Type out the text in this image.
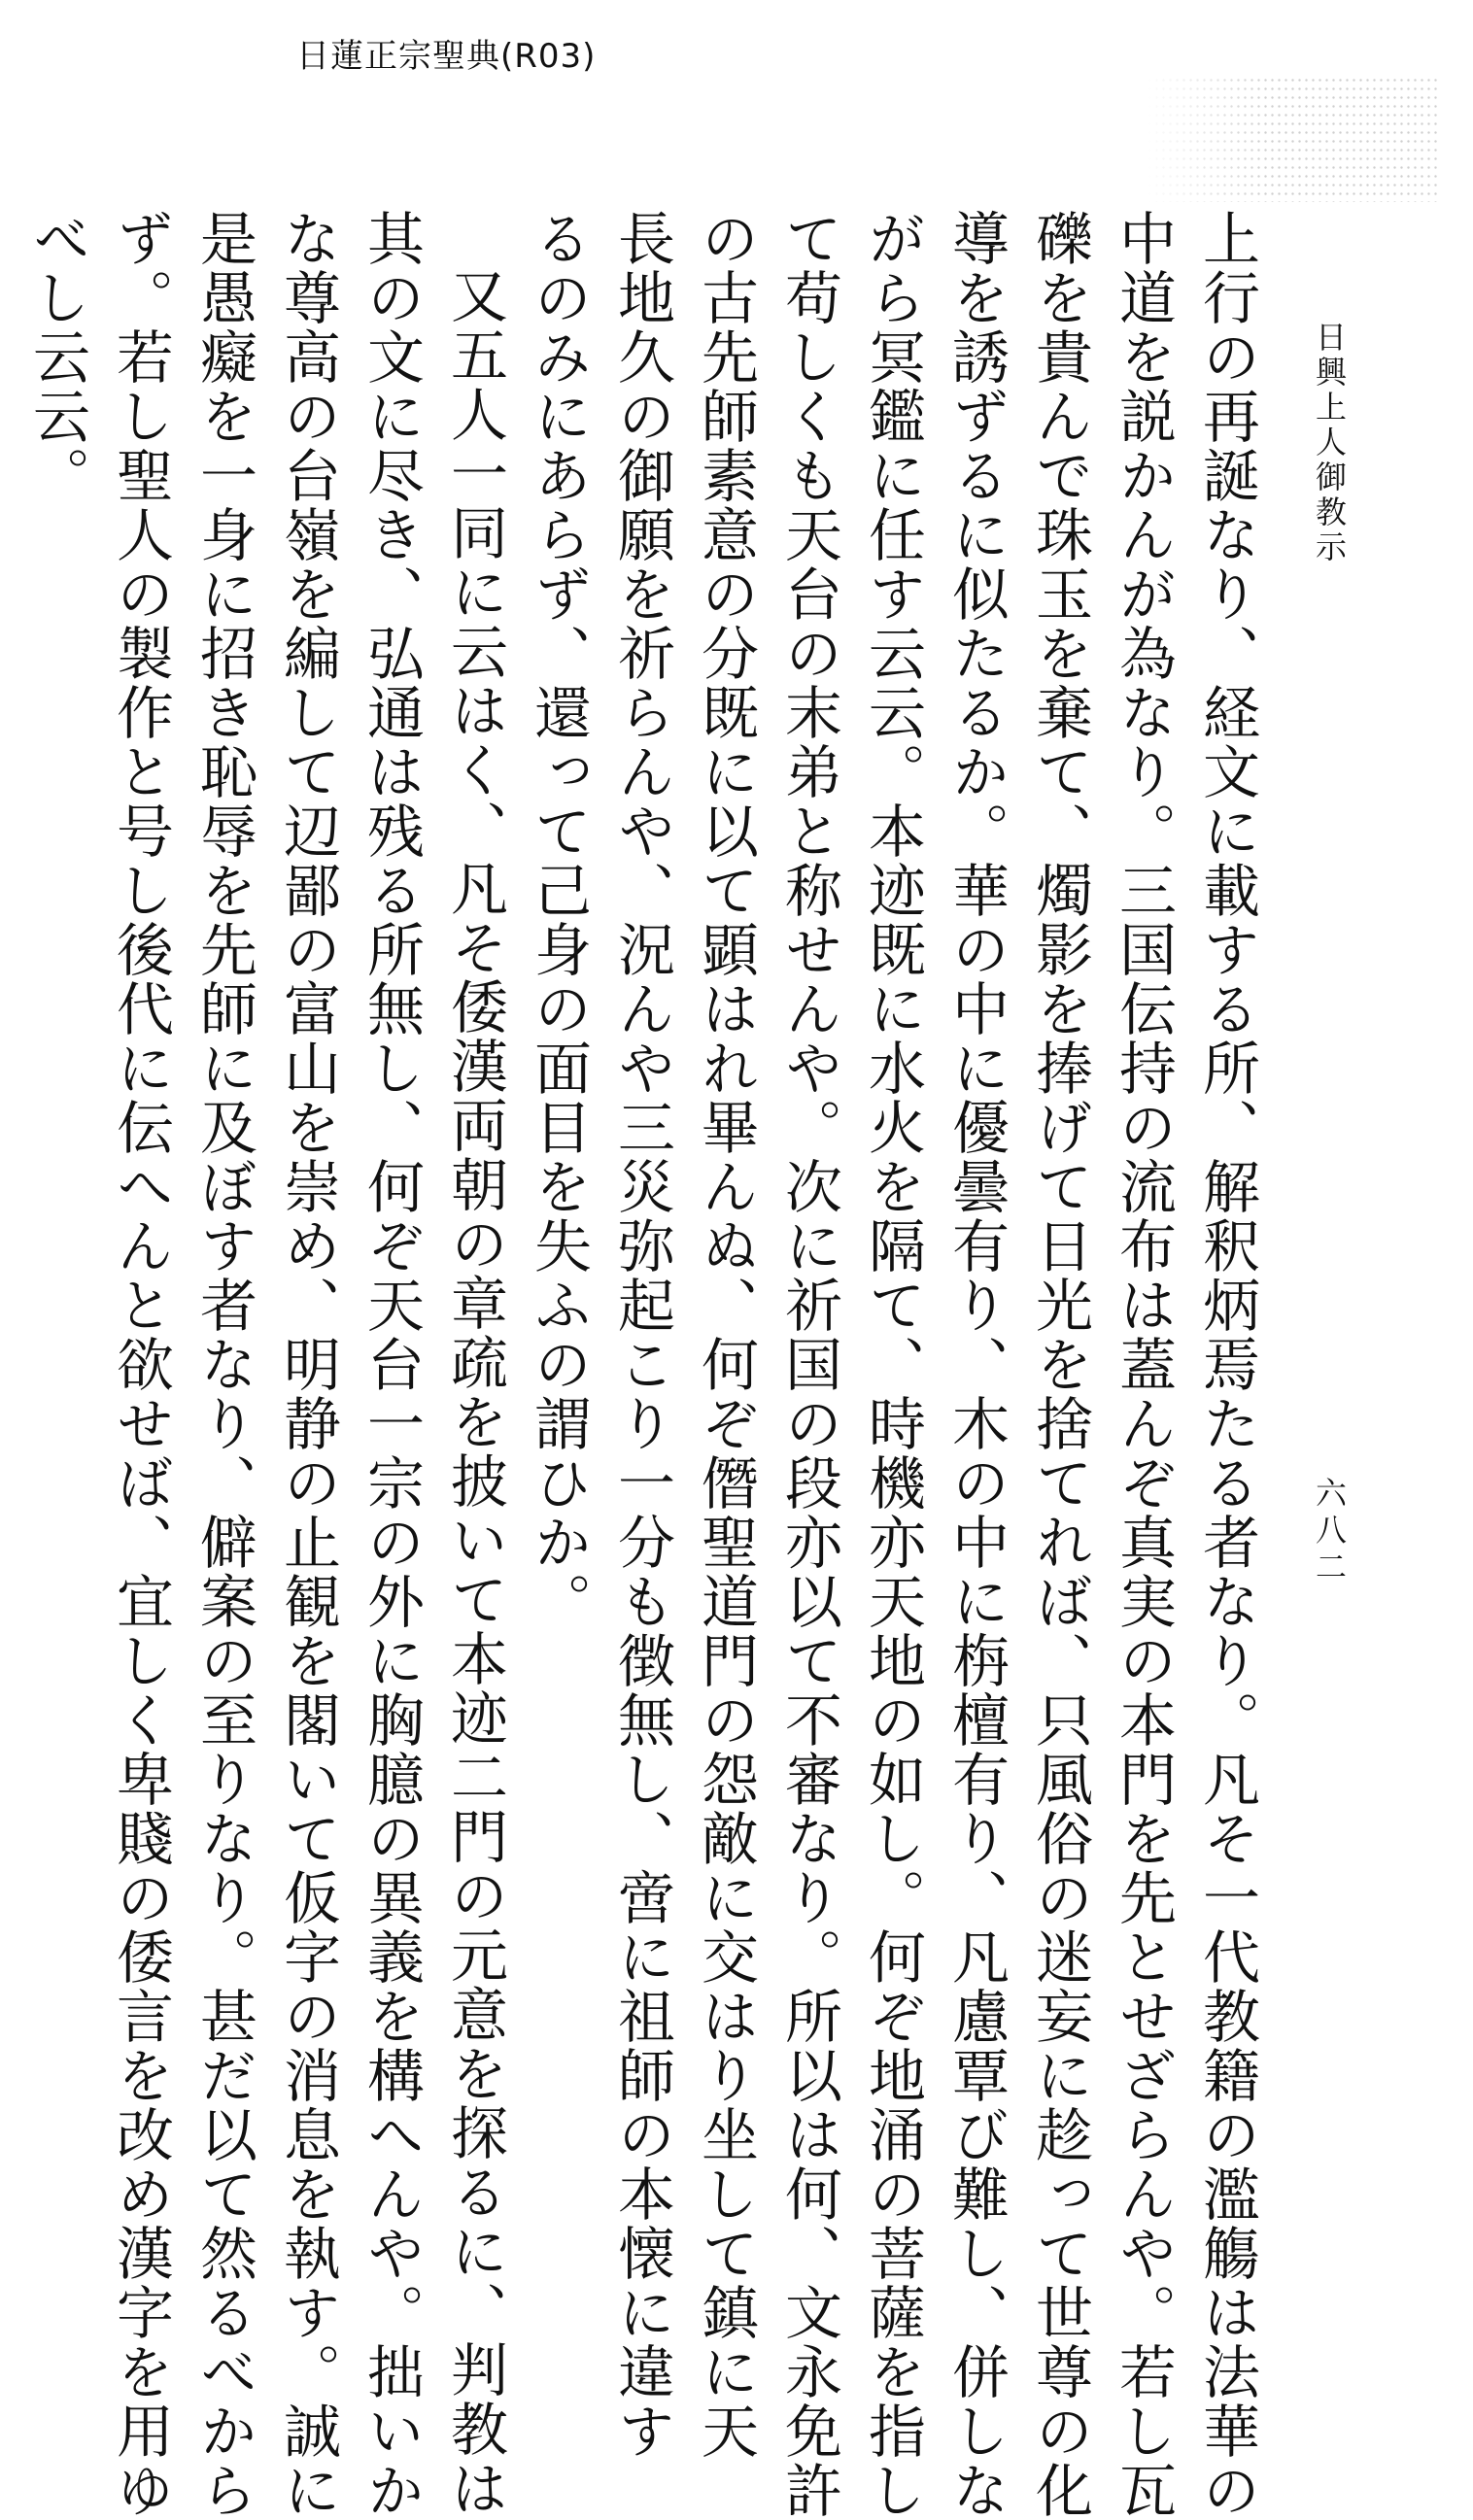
日蓮正宗聖典(R03)
日興上人御教示
六八二

上行の再誕なり、経文に載する所、解釈炳焉たる者なり。凡そ一代教籍の濫觴は法華の

中道を説かんが為なり。三国伝持の流布は蓋んぞ真実の本門を先とせざらんや。若し瓦

礫を貴んで珠玉を棄て、燭影を捧げて日光を捨てれば、只風俗の迷妄に趁って世尊の化

導を誘ずるに似たるか。華の中に優曇有り、木の中に栴檀有り、凡慮覃び難し、併しな

がら冥鑑に任す云云。本迹既に水火を隔て、時機亦天地の如し。何ぞ地涌の菩薩を指し

て苟しくも天台の末弟と称せんや。次に祈国の段亦以て不審なり。所以は何、文永免許

の古先師素意の分既に以て顕はれ畢んぬ、何ぞ僭聖道門の怨敵に交はり坐して鎮に天

長地久の御願を祈らんや、況んや三災弥起こり一分も徴無し、啻に祖師の本懐に違す

るのみにあらず、還って己身の面目を失ふの謂ひか。

又五人一同に云はく、凡そ倭漢両朝の章疏を披いて本迹二門の元意を探るに、判教は

其の文に尽き、弘通は残る所無し、何ぞ天台一宗の外に胸臆の異義を構へんや。拙いか

な尊高の台嶺を編して辺鄙の富山を崇め、明静の止観を閣いて仮字の消息を執す。誠に

是愚癡を一身に招き恥辱を先師に及ぼす者なり、僻案の至りなり。甚だ以て然るべから

ず。若し聖人の製作と号し後代に伝へんと欲せば、宜しく卑賤の倭言を改め漢字を用ゆ

べし云云。
